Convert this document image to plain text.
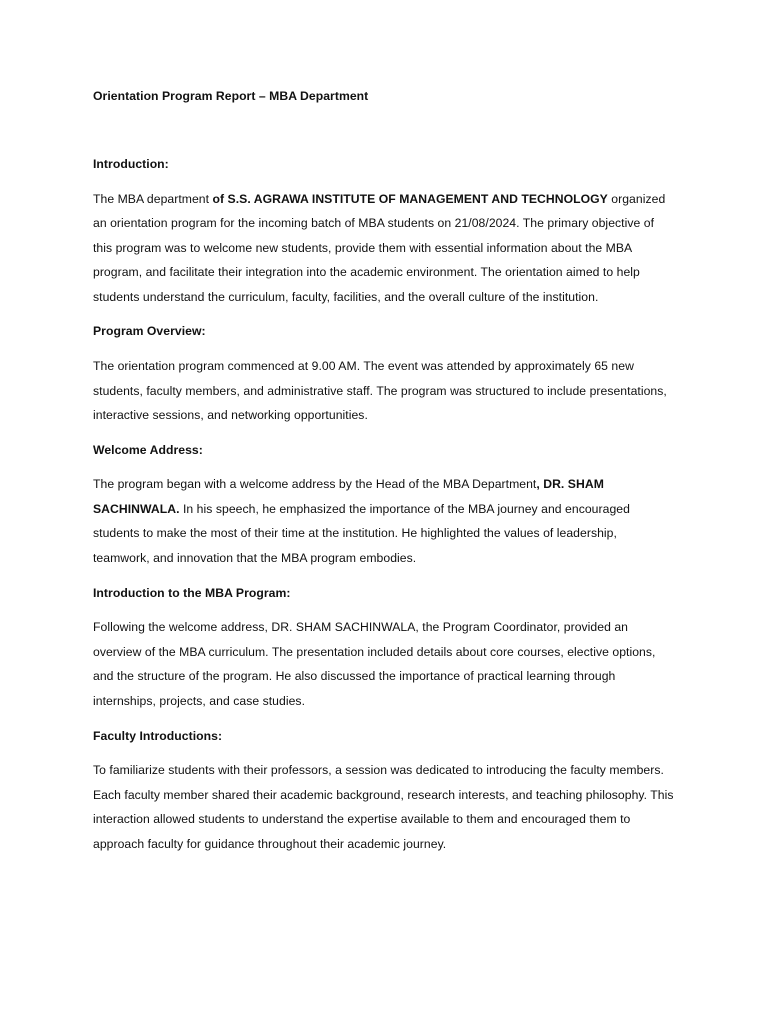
Orientation Program Report – MBA Department
Introduction:
The MBA department of S.S. AGRAWA INSTITUTE OF MANAGEMENT AND TECHNOLOGY organized an orientation program for the incoming batch of MBA students on 21/08/2024. The primary objective of this program was to welcome new students, provide them with essential information about the MBA program, and facilitate their integration into the academic environment. The orientation aimed to help students understand the curriculum, faculty, facilities, and the overall culture of the institution.
Program Overview:
The orientation program commenced at 9.00 AM. The event was attended by approximately 65 new students, faculty members, and administrative staff. The program was structured to include presentations, interactive sessions, and networking opportunities.
Welcome Address:
The program began with a welcome address by the Head of the MBA Department, DR. SHAM SACHINWALA. In his speech, he emphasized the importance of the MBA journey and encouraged students to make the most of their time at the institution. He highlighted the values of leadership, teamwork, and innovation that the MBA program embodies.
Introduction to the MBA Program:
Following the welcome address, DR. SHAM SACHINWALA, the Program Coordinator, provided an overview of the MBA curriculum. The presentation included details about core courses, elective options, and the structure of the program. He also discussed the importance of practical learning through internships, projects, and case studies.
Faculty Introductions:
To familiarize students with their professors, a session was dedicated to introducing the faculty members. Each faculty member shared their academic background, research interests, and teaching philosophy. This interaction allowed students to understand the expertise available to them and encouraged them to approach faculty for guidance throughout their academic journey.
